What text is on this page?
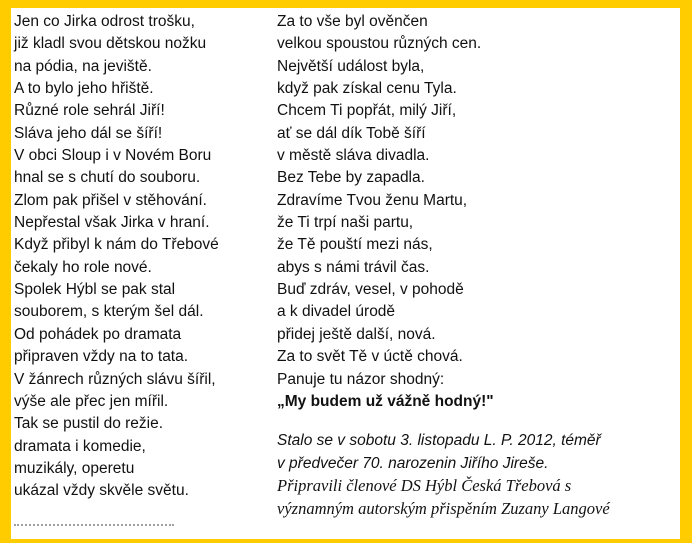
Jen co Jirka odrost trošku,
již kladl svou dětskou nožku
na pódia, na jeviště.
A to bylo jeho hřiště.
Různé role sehrál Jiří!
Sláva jeho dál se šíří!
V obci Sloup i v Novém Boru
hnal se s chutí do souboru.
Zlom pak přišel v stěhování.
Nepřestal však Jirka v hraní.
Když přibyl k nám do Třebové
čekaly ho role nové.
Spolek Hýbl se pak stal
souborem, s kterým šel dál.
Od pohádek po dramata
připraven vždy na to tata.
V žánrech různých slávu šířil,
výše ale přec jen mířil.
Tak se pustil do režie.
dramata i komedie,
muzikály, operetu
ukázal vždy skvěle světu.
Za to vše byl ověnčen
velkou spoustou různých cen.
Největší událost byla,
když pak získal cenu Tyla.
Chcem Ti popřát, milý Jiří,
ať se dál dík Tobě šíří
v městě sláva divadla.
Bez Tebe by zapadla.
Zdravíme Tvou ženu Martu,
že Ti trpí naši partu,
že Tě pouští mezi nás,
abys s námi trávil čas.
Buď zdráv, vesel, v pohodě
a k divadel úrodě
přidej ještě další, nová.
Za to svět Tě v úctě chová.
Panuje tu názor shodný:
„My budem už vážně hodný!"
Stalo se v sobotu 3. listopadu L. P. 2012, téměř
v předvečer 70. narozenin Jiřího Jireše.
Připravili členové DS Hýbl Česká Třebová s
významným autorským přispěním Zuzany Langové
